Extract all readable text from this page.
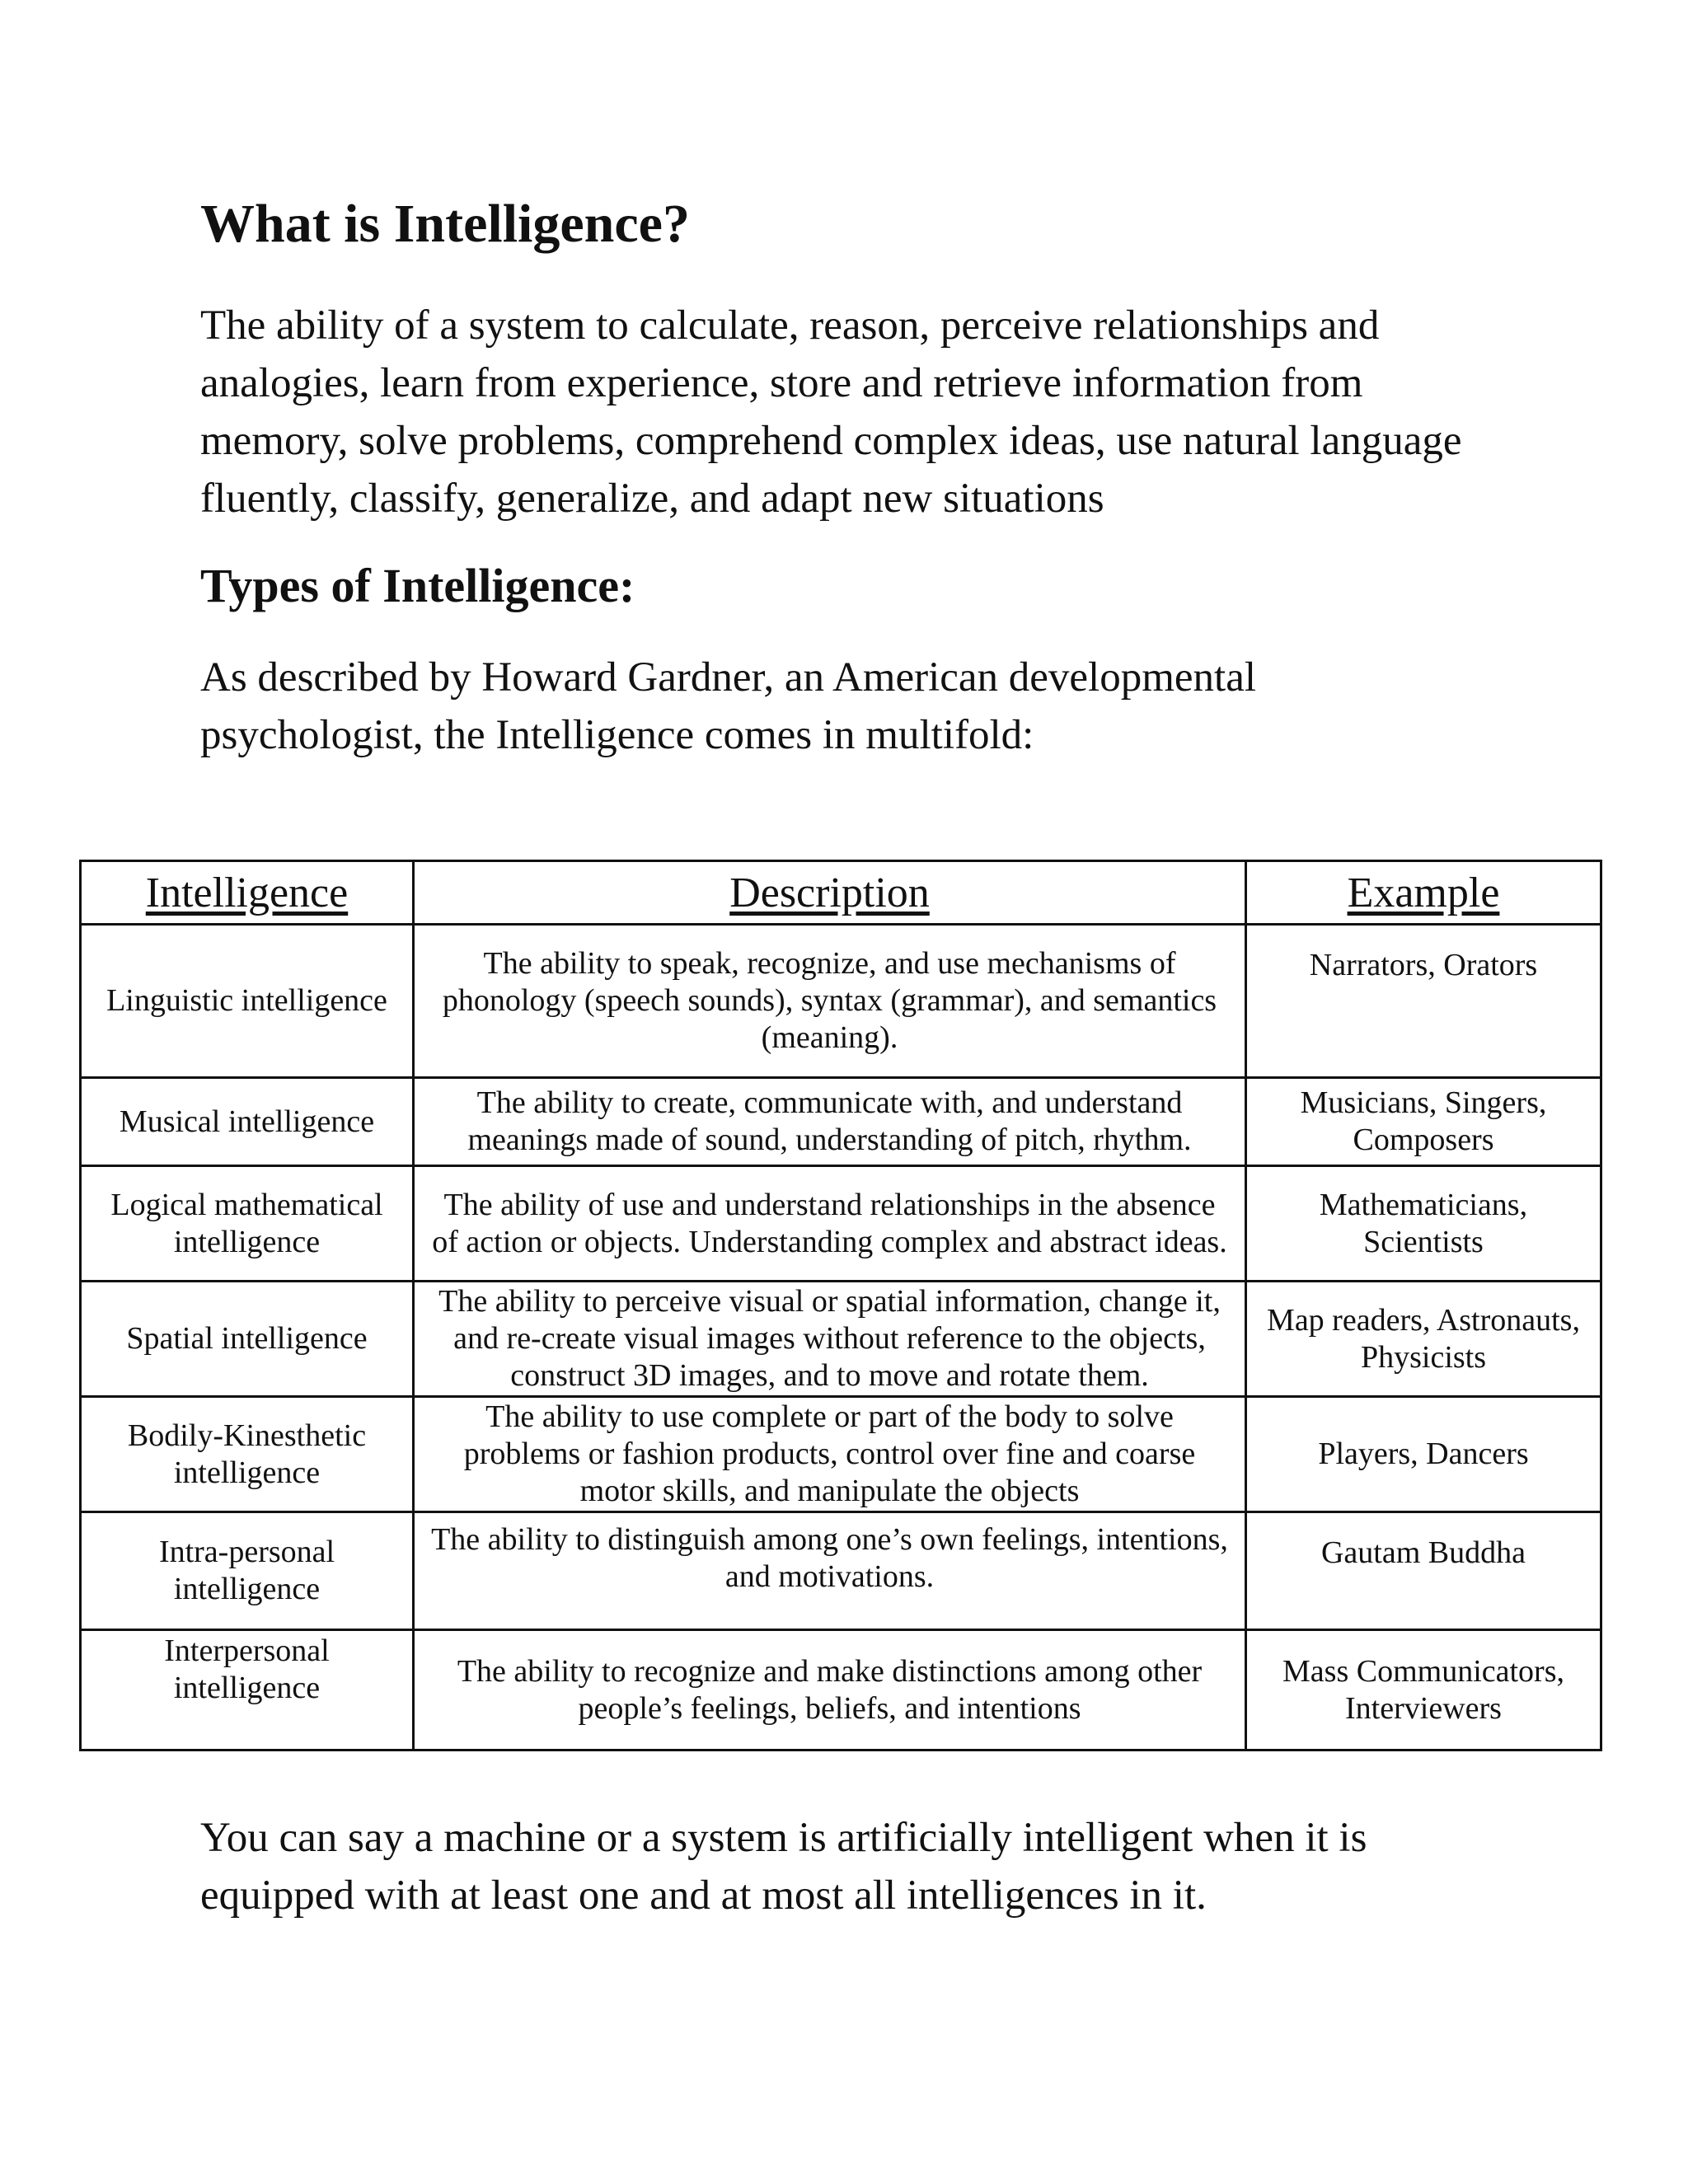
What is Intelligence?

The ability of a system to calculate, reason, perceive relationships and analogies, learn from experience, store and retrieve information from memory, solve problems, comprehend complex ideas, use natural language fluently, classify, generalize, and adapt new situations

Types of Intelligence:

As described by Howard Gardner, an American developmental psychologist, the Intelligence comes in multifold:

Intelligence	Description	Example
Linguistic intelligence	The ability to speak, recognize, and use mechanisms of phonology (speech sounds), syntax (grammar), and semantics (meaning).	Narrators, Orators
Musical intelligence	The ability to create, communicate with, and understand meanings made of sound, understanding of pitch, rhythm.	Musicians, Singers, Composers
Logical mathematical intelligence	The ability of use and understand relationships in the absence of action or objects. Understanding complex and abstract ideas.	Mathematicians, Scientists
Spatial intelligence	The ability to perceive visual or spatial information, change it, and re-create visual images without reference to the objects, construct 3D images, and to move and rotate them.	Map readers, Astronauts, Physicists
Bodily-Kinesthetic intelligence	The ability to use complete or part of the body to solve problems or fashion products, control over fine and coarse motor skills, and manipulate the objects	Players, Dancers
Intra-personal intelligence	The ability to distinguish among one’s own feelings, intentions, and motivations.	Gautam Buddha
Interpersonal intelligence	The ability to recognize and make distinctions among other people’s feelings, beliefs, and intentions	Mass Communicators, Interviewers

You can say a machine or a system is artificially intelligent when it is equipped with at least one and at most all intelligences in it.
